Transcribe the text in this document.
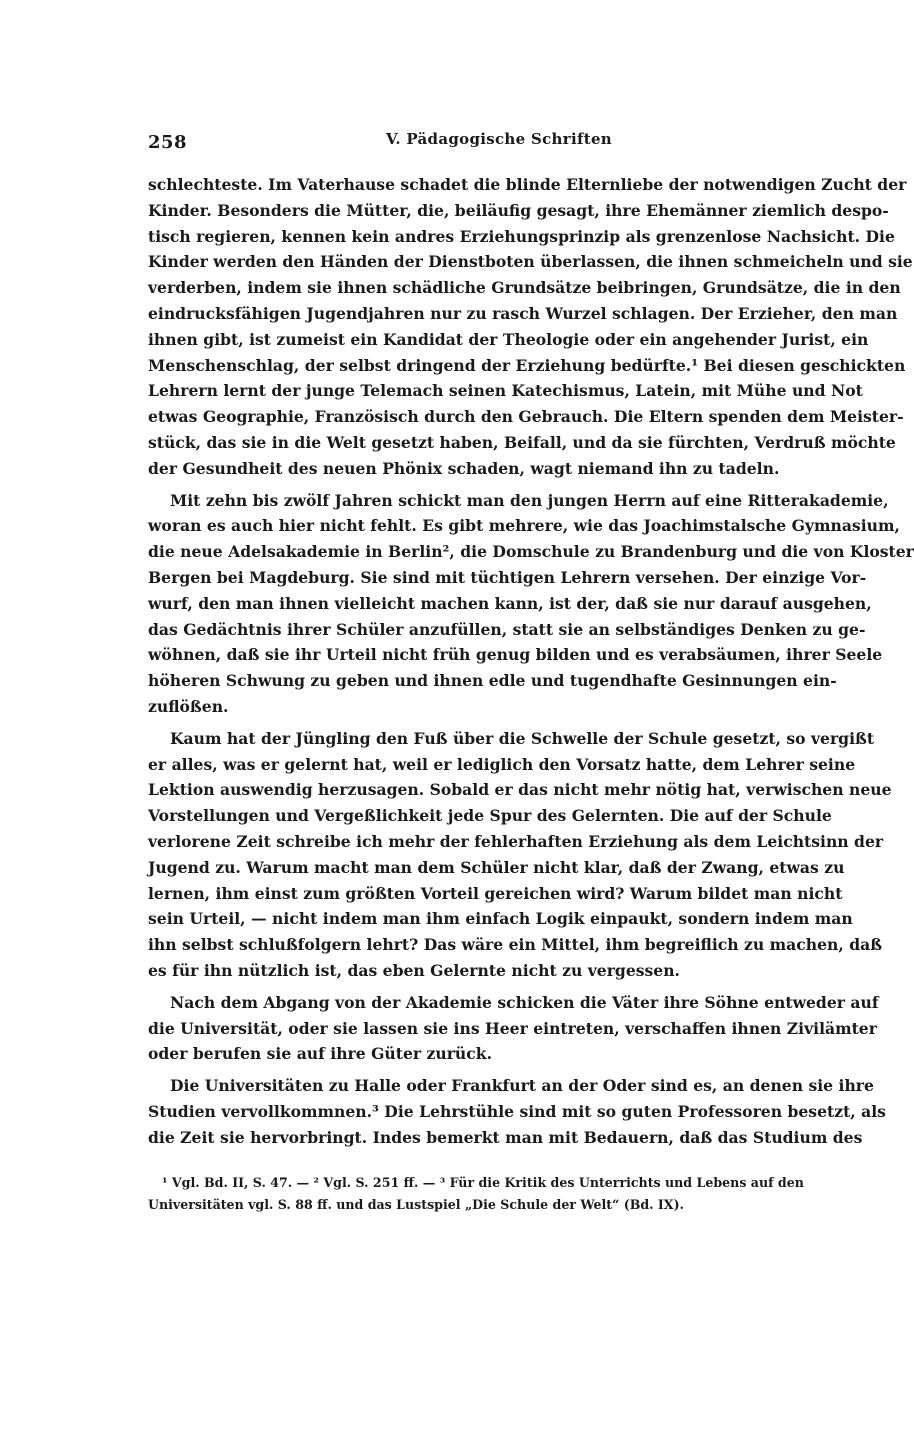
258	V. Pädagogische Schriften
schlechteste. Im Vaterhause schadet die blinde Elternliebe der notwendigen Zucht der
Kinder. Besonders die Mütter, die, beiläufig gesagt, ihre Ehemänner ziemlich despo-
tisch regieren, kennen kein andres Erziehungsprinzip als grenzenlose Nachsicht. Die
Kinder werden den Händen der Dienstboten überlassen, die ihnen schmeicheln und sie
verderben, indem sie ihnen schädliche Grundsätze beibringen, Grundsätze, die in den
eindrucksfähigen Jugendjahren nur zu rasch Wurzel schlagen. Der Erzieher, den man
ihnen gibt, ist zumeist ein Kandidat der Theologie oder ein angehender Jurist, ein
Menschenschlag, der selbst dringend der Erziehung bedürfte.¹ Bei diesen geschickten
Lehrern lernt der junge Telemach seinen Katechismus, Latein, mit Mühe und Not
etwas Geographie, Französisch durch den Gebrauch. Die Eltern spenden dem Meister-
stück, das sie in die Welt gesetzt haben, Beifall, und da sie fürchten, Verdruß möchte
der Gesundheit des neuen Phönix schaden, wagt niemand ihn zu tadeln.
Mit zehn bis zwölf Jahren schickt man den jungen Herrn auf eine Ritterakademie,
woran es auch hier nicht fehlt. Es gibt mehrere, wie das Joachimstalsche Gymnasium,
die neue Adelsakademie in Berlin², die Domschule zu Brandenburg und die von Kloster
Bergen bei Magdeburg. Sie sind mit tüchtigen Lehrern versehen. Der einzige Vor-
wurf, den man ihnen vielleicht machen kann, ist der, daß sie nur darauf ausgehen,
das Gedächtnis ihrer Schüler anzufüllen, statt sie an selbständiges Denken zu ge-
wöhnen, daß sie ihr Urteil nicht früh genug bilden und es verabsäumen, ihrer Seele
höheren Schwung zu geben und ihnen edle und tugendhafte Gesinnungen ein-
zuflößen.
Kaum hat der Jüngling den Fuß über die Schwelle der Schule gesetzt, so vergißt
er alles, was er gelernt hat, weil er lediglich den Vorsatz hatte, dem Lehrer seine
Lektion auswendig herzusagen. Sobald er das nicht mehr nötig hat, verwischen neue
Vorstellungen und Vergeßlichkeit jede Spur des Gelernten. Die auf der Schule
verlorene Zeit schreibe ich mehr der fehlerhaften Erziehung als dem Leichtsinn der
Jugend zu. Warum macht man dem Schüler nicht klar, daß der Zwang, etwas zu
lernen, ihm einst zum größten Vorteil gereichen wird? Warum bildet man nicht
sein Urteil, — nicht indem man ihm einfach Logik einpaukt, sondern indem man
ihn selbst schlußfolgern lehrt? Das wäre ein Mittel, ihm begreiflich zu machen, daß
es für ihn nützlich ist, das eben Gelernte nicht zu vergessen.
Nach dem Abgang von der Akademie schicken die Väter ihre Söhne entweder auf
die Universität, oder sie lassen sie ins Heer eintreten, verschaffen ihnen Zivilämter
oder berufen sie auf ihre Güter zurück.
Die Universitäten zu Halle oder Frankfurt an der Oder sind es, an denen sie ihre
Studien vervollkommnen.³ Die Lehrstühle sind mit so guten Professoren besetzt, als
die Zeit sie hervorbringt. Indes bemerkt man mit Bedauern, daß das Studium des
¹ Vgl. Bd. II, S. 47. — ² Vgl. S. 251 ff. — ³ Für die Kritik des Unterrichts und Lebens auf den
Universitäten vgl. S. 88 ff. und das Lustspiel „Die Schule der Welt“ (Bd. IX).
